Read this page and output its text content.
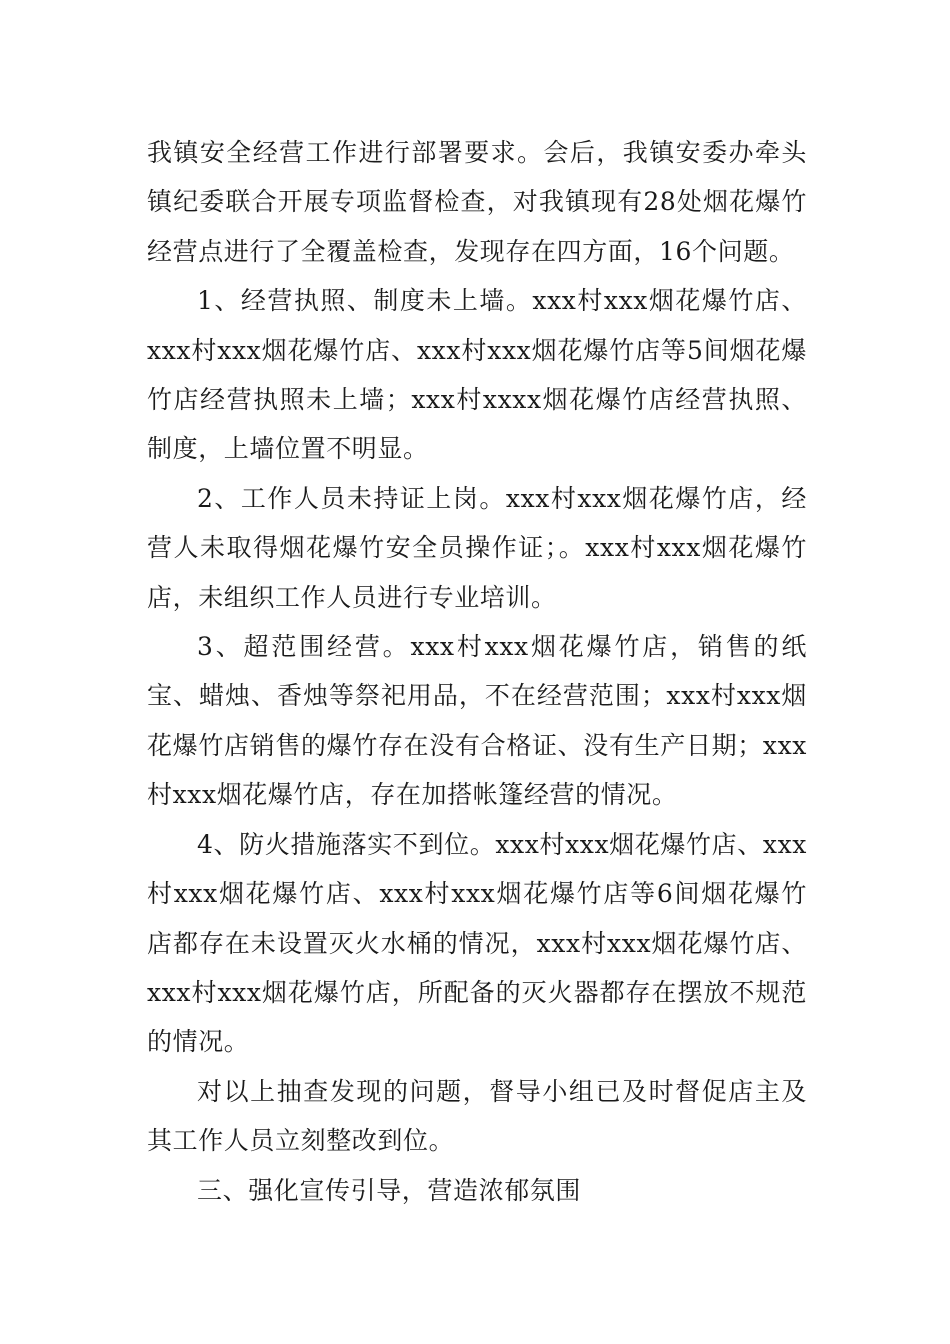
我镇安全经营工作进行部署要求。会后，我镇安委办牵头镇纪委联合开展专项监督检查，对我镇现有28处烟花爆竹经营点进行了全覆盖检查，发现存在四方面，16个问题。

1、经营执照、制度未上墙。xxx村xxx烟花爆竹店、xxx村xxx烟花爆竹店、xxx村xxx烟花爆竹店等5间烟花爆竹店经营执照未上墙；xxx村xxxx烟花爆竹店经营执照、制度，上墙位置不明显。

2、工作人员未持证上岗。xxx村xxx烟花爆竹店，经营人未取得烟花爆竹安全员操作证；。xxx村xxx烟花爆竹店，未组织工作人员进行专业培训。

3、超范围经营。xxx村xxx烟花爆竹店，销售的纸宝、蜡烛、香烛等祭祀用品，不在经营范围；xxx村xxx烟花爆竹店销售的爆竹存在没有合格证、没有生产日期；xxx村xxx烟花爆竹店，存在加搭帐篷经营的情况。

4、防火措施落实不到位。xxx村xxx烟花爆竹店、xxx村xxx烟花爆竹店、xxx村xxx烟花爆竹店等6间烟花爆竹店都存在未设置灭火水桶的情况，xxx村xxx烟花爆竹店、xxx村xxx烟花爆竹店，所配备的灭火器都存在摆放不规范的情况。

对以上抽查发现的问题，督导小组已及时督促店主及其工作人员立刻整改到位。

三、强化宣传引导，营造浓郁氛围
